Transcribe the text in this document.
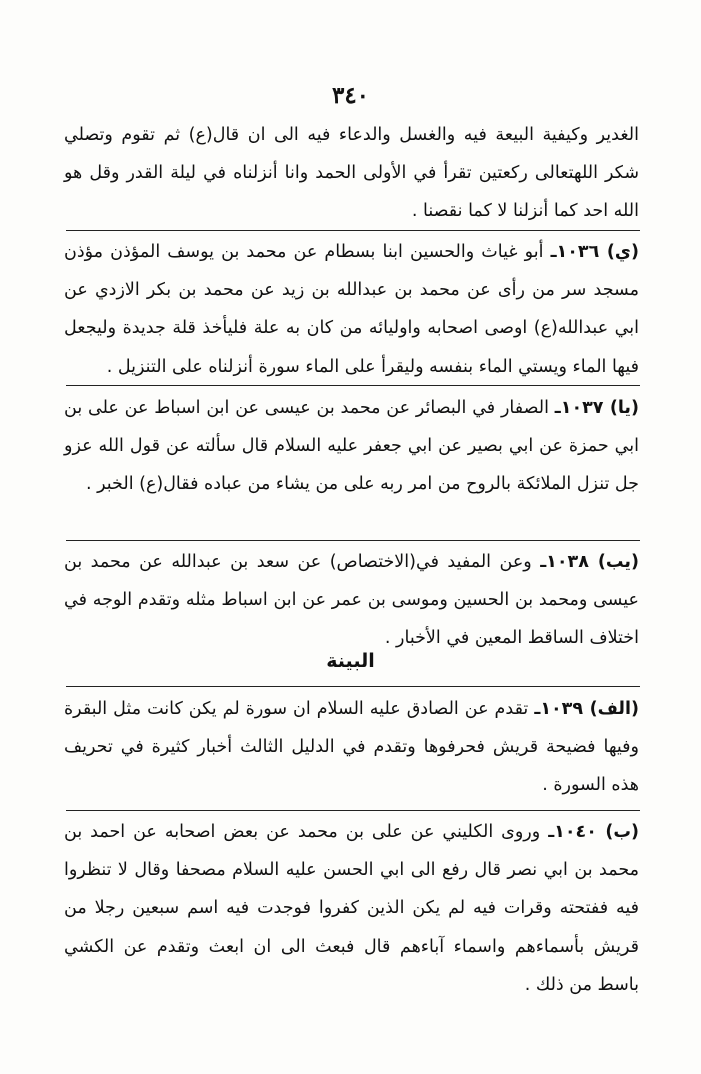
٣٤٠

الغدير وكيفية البيعة فيه والغسل والدعاء فيه الى ان قال(ع) ثم تقوم وتصلي شكر اللهتعالى ركعتين تقرأ في الأولى الحمد وانا أنزلناه في ليلة القدر وقل هو الله احد كما أنزلنا لا كما نقصنا .

(ي) ١٠٣٦ـ أبو غياث والحسين ابنا بسطام عن محمد بن يوسف المؤذن مؤذن مسجد سر من رأى عن محمد بن عبدالله بن زيد عن محمد بن بكر الازدي عن ابي عبدالله(ع) اوصى اصحابه واوليائه من كان به علة فليأخذ قلة جديدة وليجعل فيها الماء ويستي الماء بنفسه وليقرأ على الماء سورة أنزلناه على التنزيل .

(يا) ١٠٣٧ـ الصفار في البصائر عن محمد بن عيسى عن ابن اسباط عن على بن ابي حمزة عن ابي بصير عن ابي جعفر عليه السلام قال سألته عن قول الله عزو جل تنزل الملائكة بالروح من امر ربه على من يشاء من عباده فقال(ع) الخبر .

(يب) ١٠٣٨ـ وعن المفيد في(الاختصاص) عن سعد بن عبدالله عن محمد بن عيسى ومحمد بن الحسين وموسى بن عمر عن ابن اسباط مثله وتقدم الوجه في اختلاف الساقط المعين في الأخبار .

البينة

(الف) ١٠٣٩ـ تقدم عن الصادق عليه السلام ان سورة لم يكن كانت مثل البقرة وفيها فضيحة قريش فحرفوها وتقدم في الدليل الثالث أخبار كثيرة في تحريف هذه السورة .

(ب) ١٠٤٠ـ وروى الكليني عن على بن محمد عن بعض اصحابه عن احمد بن محمد بن ابي نصر قال رفع الى ابي الحسن عليه السلام مصحفا وقال لا تنظروا فيه ففتحته وقرات فيه لم يكن الذين كفروا فوجدت فيه اسم سبعين رجلا من قريش بأسماءهم واسماء آباءهم قال فبعث الى ان ابعث وتقدم عن الكشي باسط من ذلك .
